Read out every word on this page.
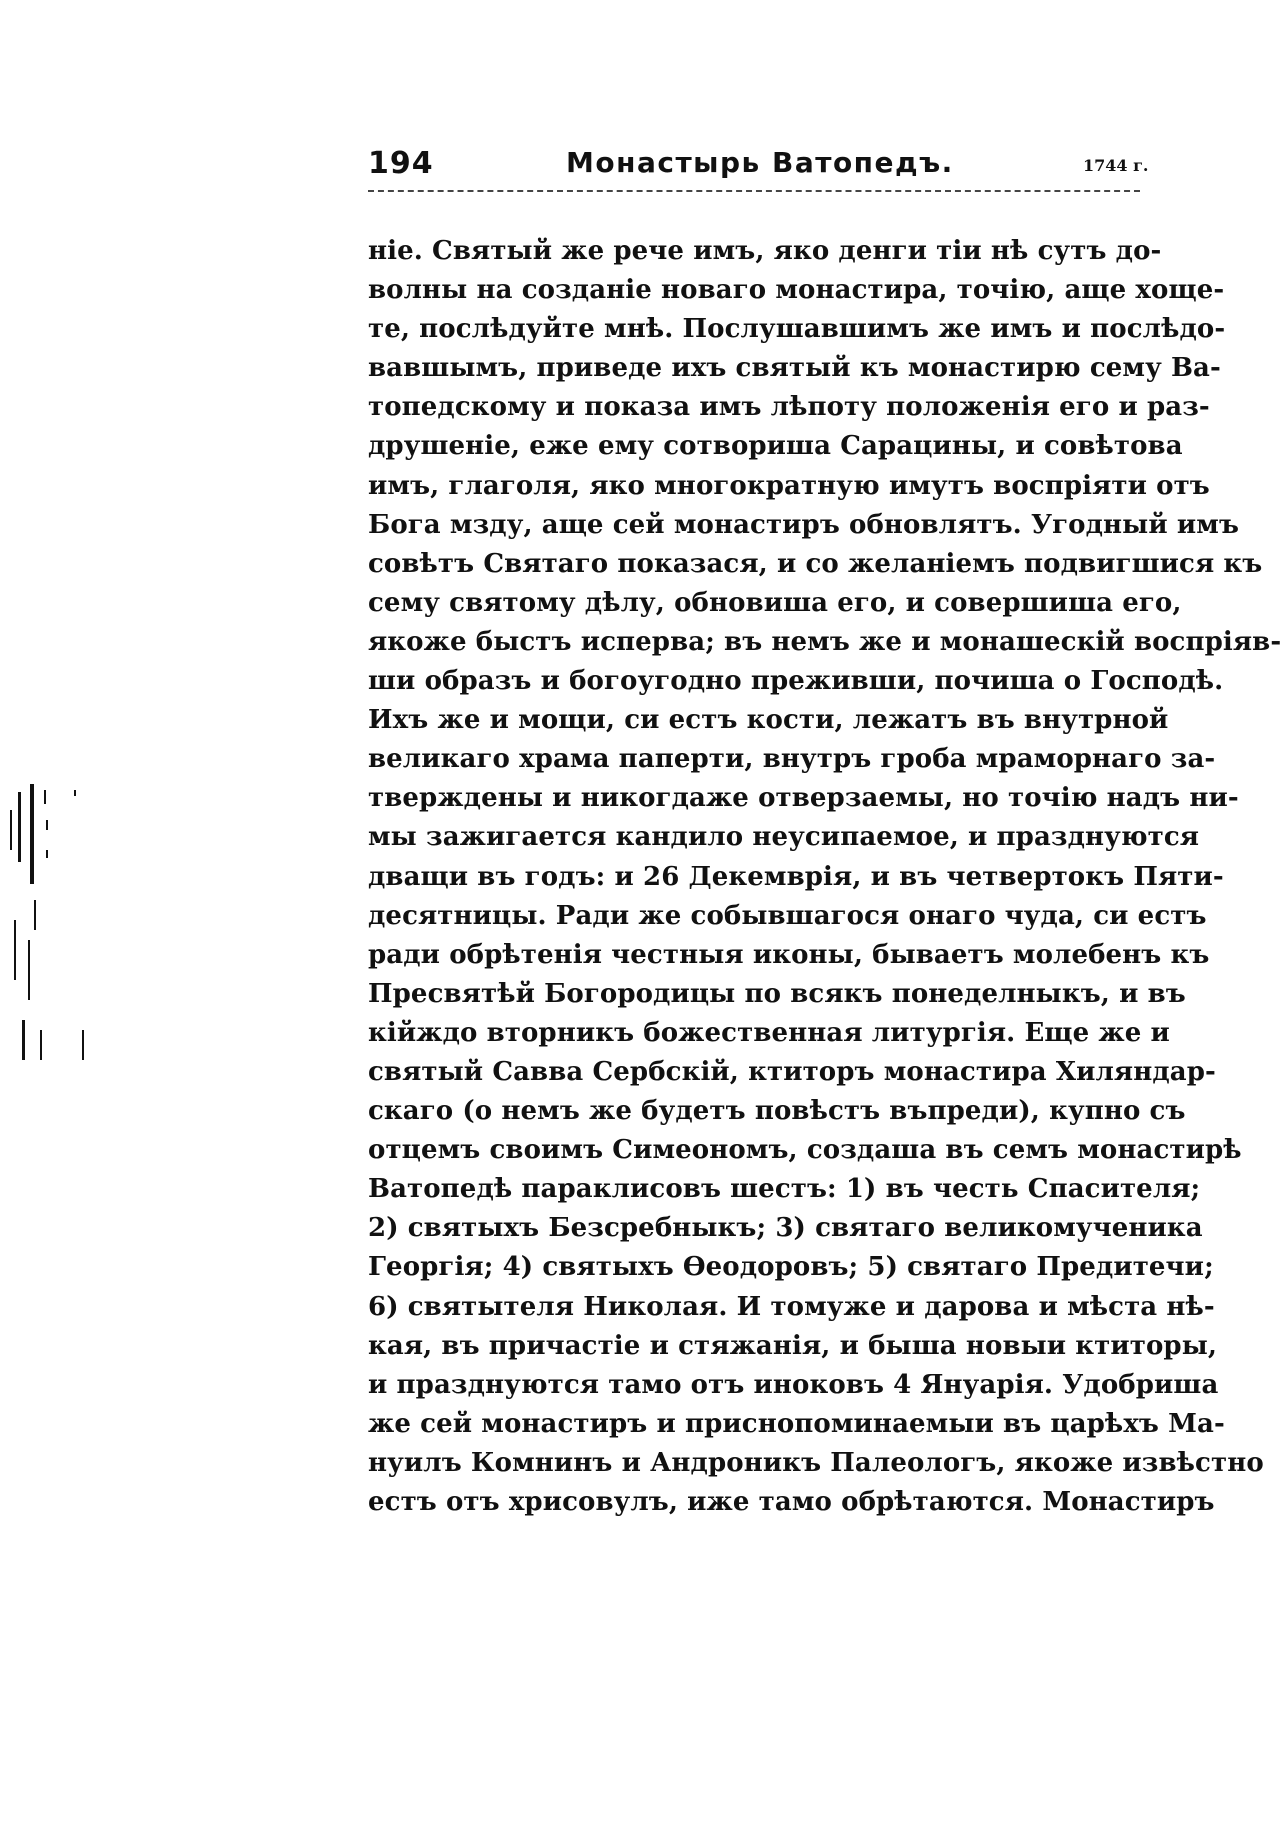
194	Монастырь Ватопедъ.	1744 г.
ніе. Святый же рече имъ, яко денги тіи нѣ сутъ до-
волны на созданіе новаго монастира, точію, аще хоще-
те, послѣдуйте мнѣ. Послушавшимъ же имъ и послѣдо-
вавшымъ, приведе ихъ святый къ монастирю сему Ва-
топедскому и показа имъ лѣпоту положенія его и раз-
друшеніе, еже ему сотвориша Сарацины, и совѣтова
имъ, глаголя, яко многократную имутъ воспріяти отъ
Бога мзду, аще сей монастиръ обновлятъ. Угодный имъ
совѣтъ Святаго показася, и со желаніемъ подвигшися къ
сему святому дѣлу, обновиша его, и совершиша его,
якоже быстъ исперва; въ немъ же и монашескій воспріяв-
ши образъ и богоугодно преживши, почиша о Господѣ.
Ихъ же и мощи, си естъ кости, лежатъ въ внутрной
великаго храма паперти, внутръ гроба мраморнаго за-
тверждены и никогдаже отверзаемы, но точію надъ ни-
мы зажигается кандило неусипаемое, и празднуются
дващи въ годъ: и 26 Декемврія, и въ четвертокъ Пяти-
десятницы. Ради же собывшагося онаго чуда, си естъ
ради обрѣтенія честныя иконы, бываетъ молебенъ къ
Пресвятѣй Богородицы по всякъ понеделныкъ, и въ
кійждо вторникъ божественная литургія. Еще же и
святый Савва Сербскій, ктиторъ монастира Хиляндар-
скаго (о немъ же будетъ повѣстъ въпреди), купно съ
отцемъ своимъ Симеономъ, создаша въ семъ монастирѣ
Ватопедѣ параклисовъ шестъ: 1) въ честь Спасителя;
2) святыхъ Безсребныкъ; 3) святаго великомученика
Георгія; 4) святыхъ Ѳеодоровъ; 5) святаго Предитечи;
6) святытеля Николая. И томуже и дарова и мѣста нѣ-
кая, въ причастіе и стяжанія, и быша новыи ктиторы,
и празднуются тамо отъ иноковъ 4 Януарія. Удобриша
же сей монастиръ и приснопоминаемыи въ царѣхъ Ма-
нуилъ Комнинъ и Андроникъ Палеологъ, якоже извѣстно
естъ отъ хрисовулъ, иже тамо обрѣтаются. Монастиръ
